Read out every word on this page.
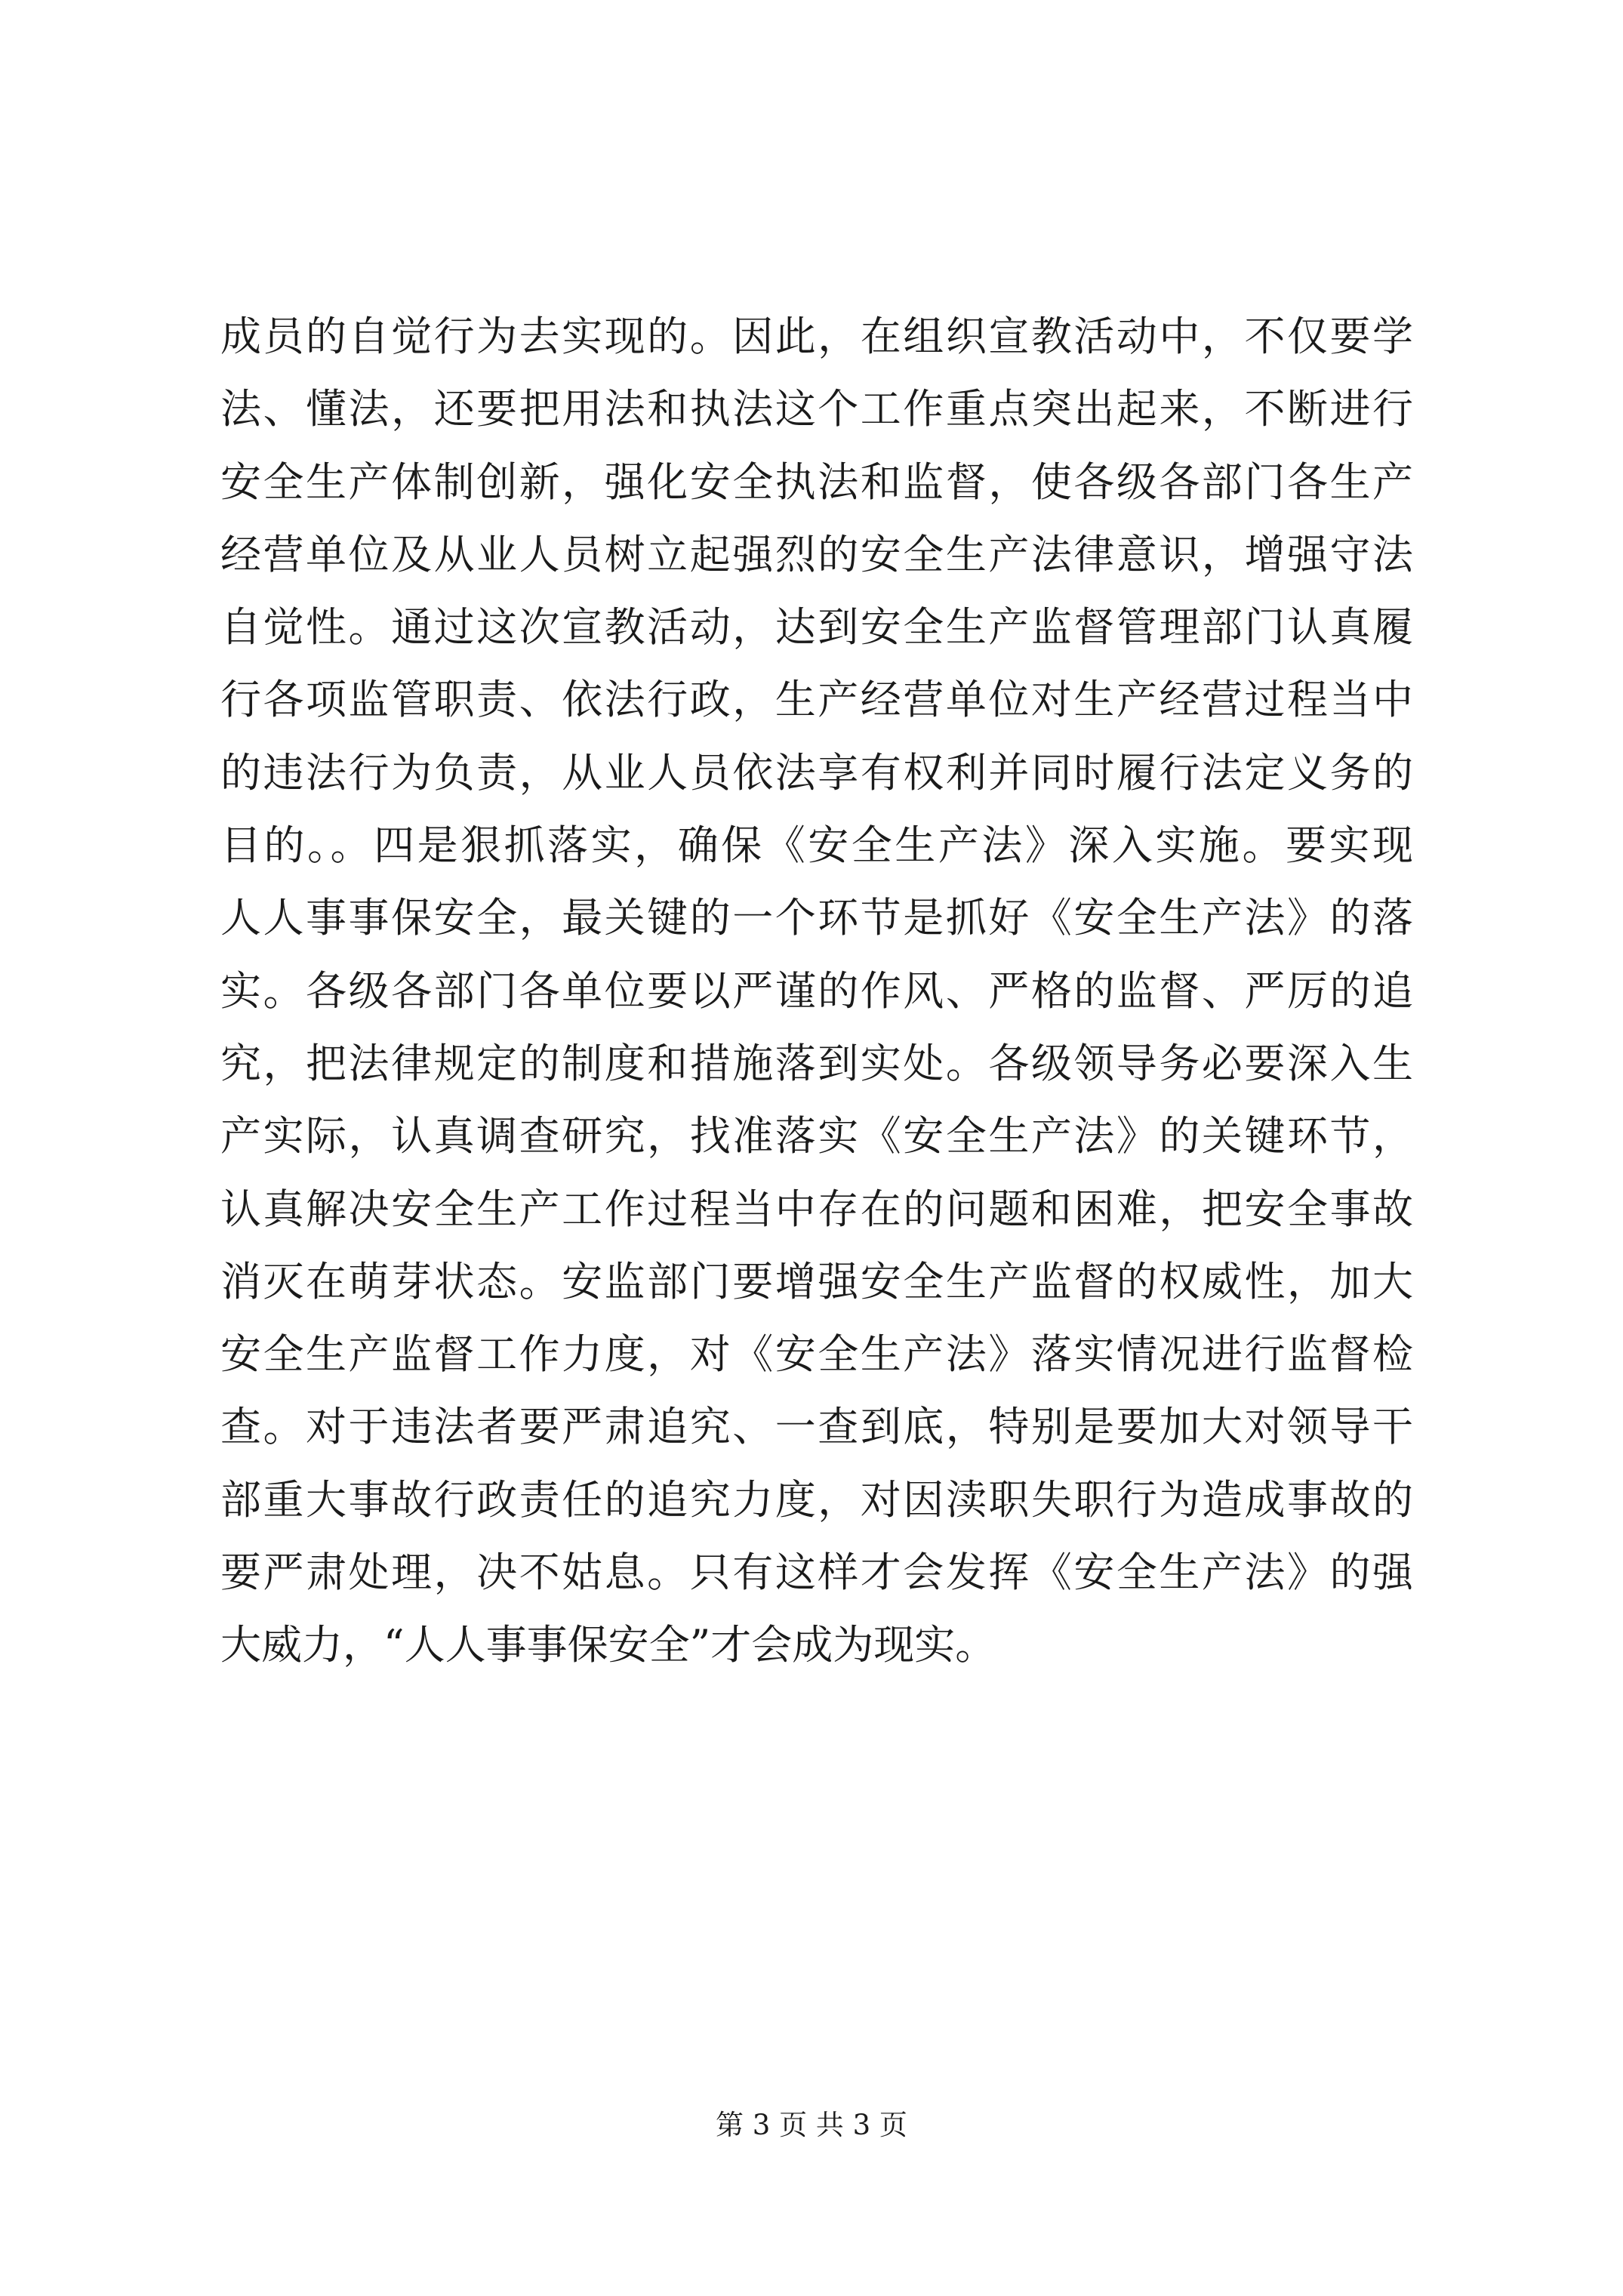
成员的自觉行为去实现的。因此，在组织宣教活动中，不仅要学
法、懂法，还要把用法和执法这个工作重点突出起来，不断进行
安全生产体制创新，强化安全执法和监督，使各级各部门各生产
经营单位及从业人员树立起强烈的安全生产法律意识，增强守法
自觉性。通过这次宣教活动，达到安全生产监督管理部门认真履
行各项监管职责、依法行政，生产经营单位对生产经营过程当中
的违法行为负责，从业人员依法享有权利并同时履行法定义务的
目的。。四是狠抓落实，确保《安全生产法》深入实施。要实现
人人事事保安全，最关键的一个环节是抓好《安全生产法》的落
实。各级各部门各单位要以严谨的作风、严格的监督、严厉的追
究，把法律规定的制度和措施落到实处。各级领导务必要深入生
产实际，认真调查研究，找准落实《安全生产法》的关键环节，
认真解决安全生产工作过程当中存在的问题和困难，把安全事故
消灭在萌芽状态。安监部门要增强安全生产监督的权威性，加大
安全生产监督工作力度，对《安全生产法》落实情况进行监督检
查。对于违法者要严肃追究、一查到底，特别是要加大对领导干
部重大事故行政责任的追究力度，对因渎职失职行为造成事故的
要严肃处理，决不姑息。只有这样才会发挥《安全生产法》的强
大威力，“人人事事保安全”才会成为现实。
第 3 页 共 3 页
